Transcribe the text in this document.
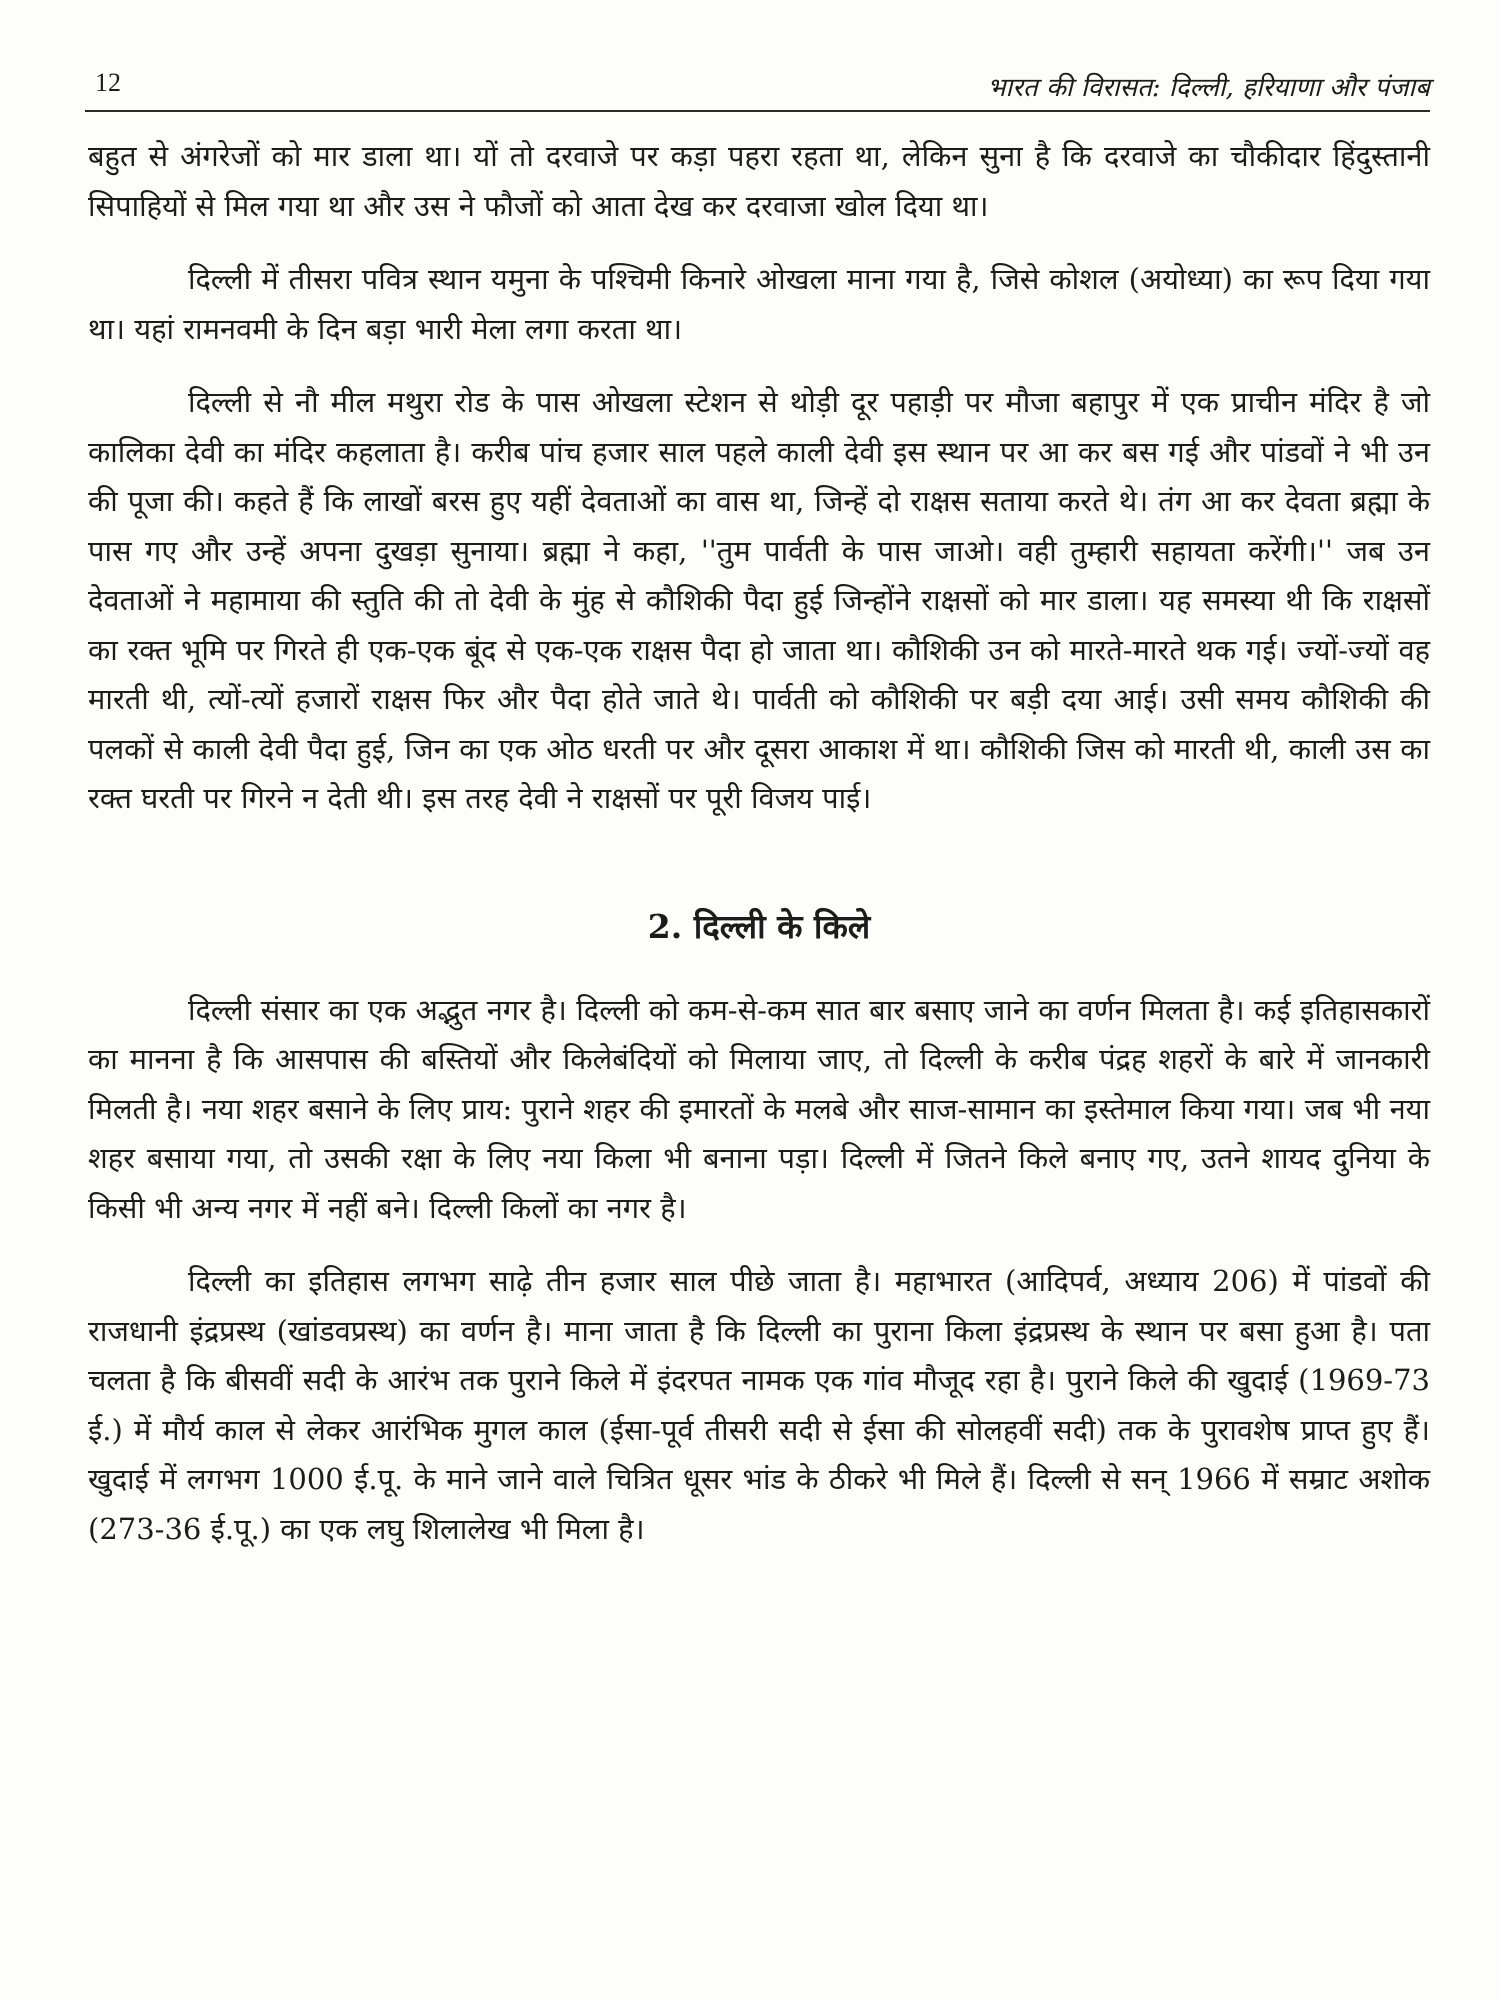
12	भारत की विरासत: दिल्ली, हरियाणा और पंजाब

बहुत से अंगरेजों को मार डाला था। यों तो दरवाजे पर कड़ा पहरा रहता था, लेकिन सुना है कि दरवाजे का चौकीदार हिंदुस्तानी सिपाहियों से मिल गया था और उस ने फौजों को आता देख कर दरवाजा खोल दिया था।

दिल्ली में तीसरा पवित्र स्थान यमुना के पश्चिमी किनारे ओखला माना गया है, जिसे कोशल (अयोध्या) का रूप दिया गया था। यहां रामनवमी के दिन बड़ा भारी मेला लगा करता था।

दिल्ली से नौ मील मथुरा रोड के पास ओखला स्टेशन से थोड़ी दूर पहाड़ी पर मौजा बहापुर में एक प्राचीन मंदिर है जो कालिका देवी का मंदिर कहलाता है। करीब पांच हजार साल पहले काली देवी इस स्थान पर आ कर बस गई और पांडवों ने भी उन की पूजा की। कहते हैं कि लाखों बरस हुए यहीं देवताओं का वास था, जिन्हें दो राक्षस सताया करते थे। तंग आ कर देवता ब्रह्मा के पास गए और उन्हें अपना दुखड़ा सुनाया। ब्रह्मा ने कहा, ''तुम पार्वती के पास जाओ। वही तुम्हारी सहायता करेंगी।'' जब उन देवताओं ने महामाया की स्तुति की तो देवी के मुंह से कौशिकी पैदा हुई जिन्होंने राक्षसों को मार डाला। यह समस्या थी कि राक्षसों का रक्त भूमि पर गिरते ही एक-एक बूंद से एक-एक राक्षस पैदा हो जाता था। कौशिकी उन को मारते-मारते थक गई। ज्यों-ज्यों वह मारती थी, त्यों-त्यों हजारों राक्षस फिर और पैदा होते जाते थे। पार्वती को कौशिकी पर बड़ी दया आई। उसी समय कौशिकी की पलकों से काली देवी पैदा हुई, जिन का एक ओठ धरती पर और दूसरा आकाश में था। कौशिकी जिस को मारती थी, काली उस का रक्त घरती पर गिरने न देती थी। इस तरह देवी ने राक्षसों पर पूरी विजय पाई।

2. दिल्ली के किले

दिल्ली संसार का एक अद्भुत नगर है। दिल्ली को कम-से-कम सात बार बसाए जाने का वर्णन मिलता है। कई इतिहासकारों का मानना है कि आसपास की बस्तियों और किलेबंदियों को मिलाया जाए, तो दिल्ली के करीब पंद्रह शहरों के बारे में जानकारी मिलती है। नया शहर बसाने के लिए प्राय: पुराने शहर की इमारतों के मलबे और साज-सामान का इस्तेमाल किया गया। जब भी नया शहर बसाया गया, तो उसकी रक्षा के लिए नया किला भी बनाना पड़ा। दिल्ली में जितने किले बनाए गए, उतने शायद दुनिया के किसी भी अन्य नगर में नहीं बने। दिल्ली किलों का नगर है।

दिल्ली का इतिहास लगभग साढ़े तीन हजार साल पीछे जाता है। महाभारत (आदिपर्व, अध्याय 206) में पांडवों की राजधानी इंद्रप्रस्थ (खांडवप्रस्थ) का वर्णन है। माना जाता है कि दिल्ली का पुराना किला इंद्रप्रस्थ के स्थान पर बसा हुआ है। पता चलता है कि बीसवीं सदी के आरंभ तक पुराने किले में इंदरपत नामक एक गांव मौजूद रहा है। पुराने किले की खुदाई (1969-73 ई.) में मौर्य काल से लेकर आरंभिक मुगल काल (ईसा-पूर्व तीसरी सदी से ईसा की सोलहवीं सदी) तक के पुरावशेष प्राप्त हुए हैं। खुदाई में लगभग 1000 ई.पू. के माने जाने वाले चित्रित धूसर भांड के ठीकरे भी मिले हैं। दिल्ली से सन् 1966 में सम्राट अशोक (273-36 ई.पू.) का एक लघु शिलालेख भी मिला है।
